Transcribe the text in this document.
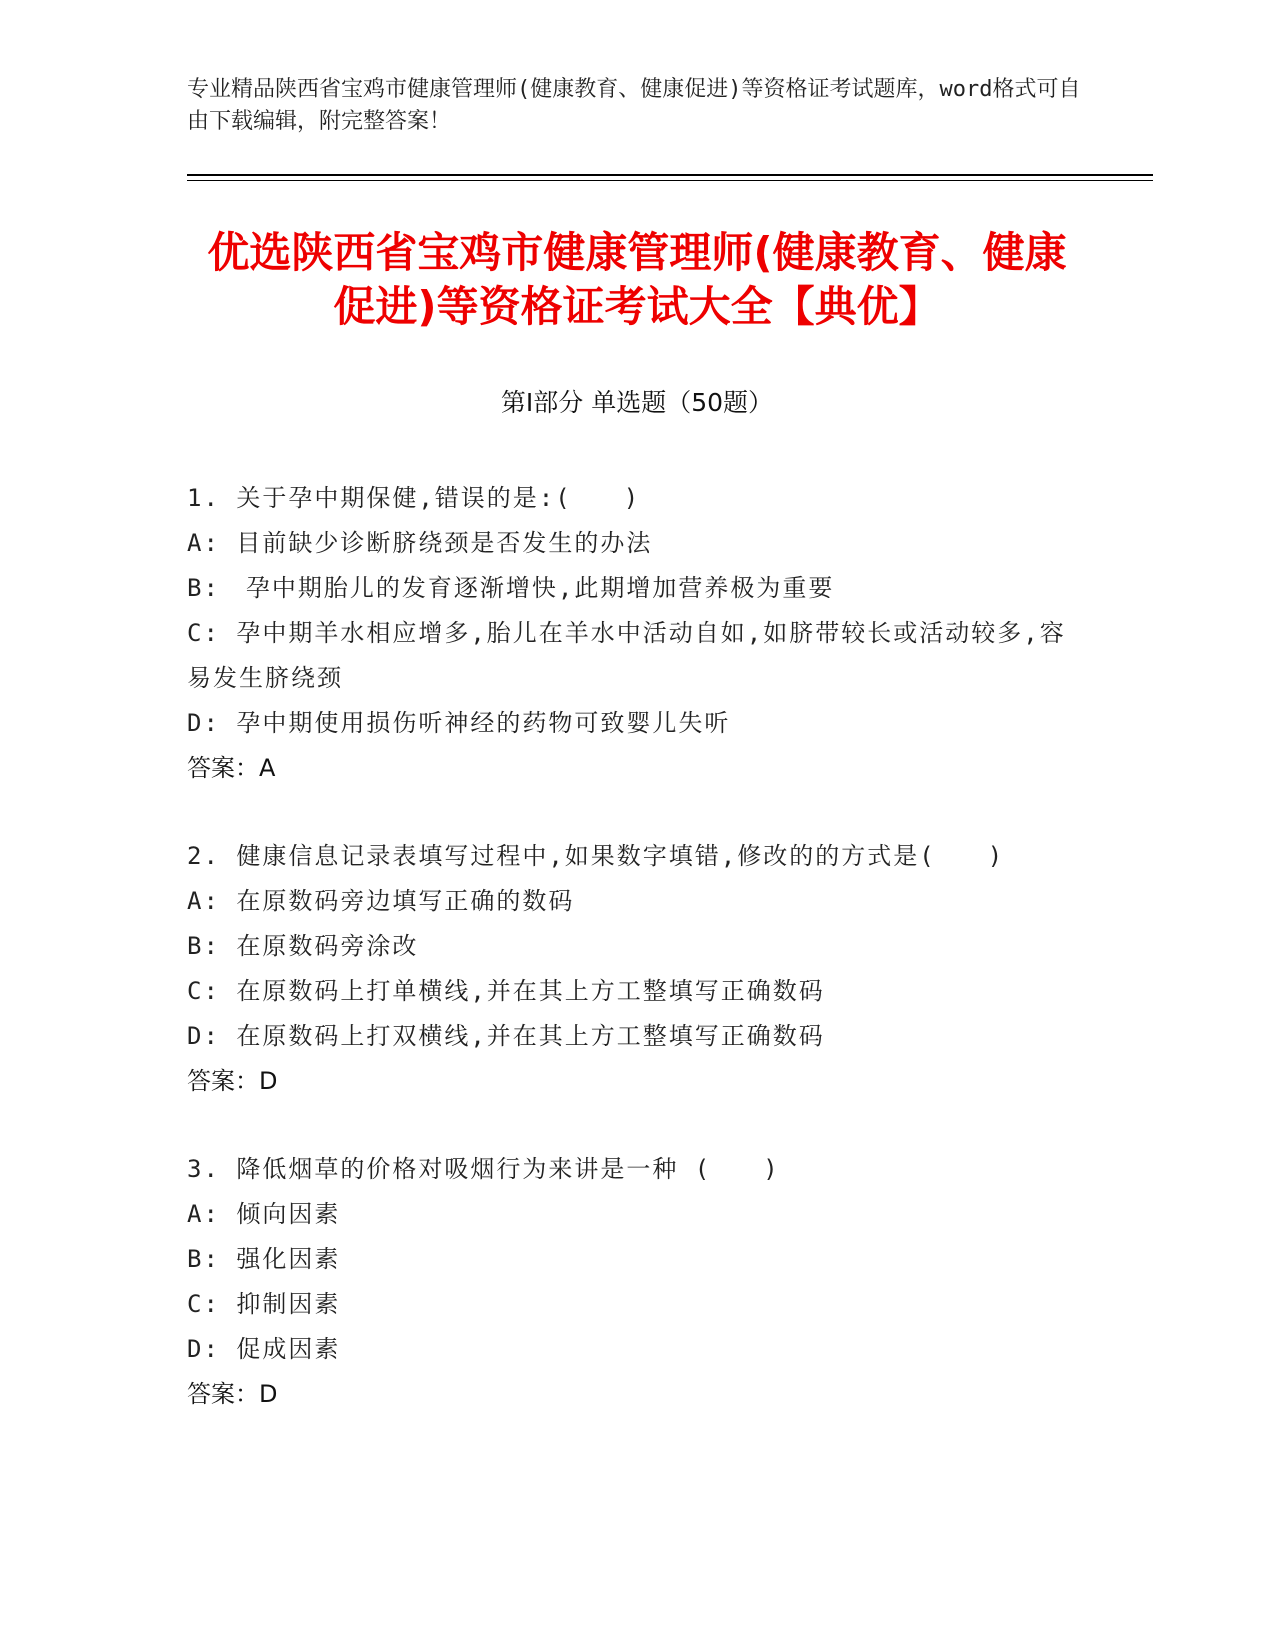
专业精品陕西省宝鸡市健康管理师(健康教育、健康促进)等资格证考试题库，word格式可自由下载编辑，附完整答案！
优选陕西省宝鸡市健康管理师(健康教育、健康促进)等资格证考试大全【典优】
第Ⅰ部分 单选题（50题）
1. 关于孕中期保健,错误的是:(　　)
A: 目前缺少诊断脐绕颈是否发生的办法
B:　孕中期胎儿的发育逐渐增快,此期增加营养极为重要
C: 孕中期羊水相应增多,胎儿在羊水中活动自如,如脐带较长或活动较多,容易发生脐绕颈
D: 孕中期使用损伤听神经的药物可致婴儿失听
答案：A
2. 健康信息记录表填写过程中,如果数字填错,修改的的方式是(　　)
A: 在原数码旁边填写正确的数码
B: 在原数码旁涂改
C: 在原数码上打单横线,并在其上方工整填写正确数码
D: 在原数码上打双横线,并在其上方工整填写正确数码
答案：D
3. 降低烟草的价格对吸烟行为来讲是一种 (　　)
A: 倾向因素
B: 强化因素
C: 抑制因素
D: 促成因素
答案：D
